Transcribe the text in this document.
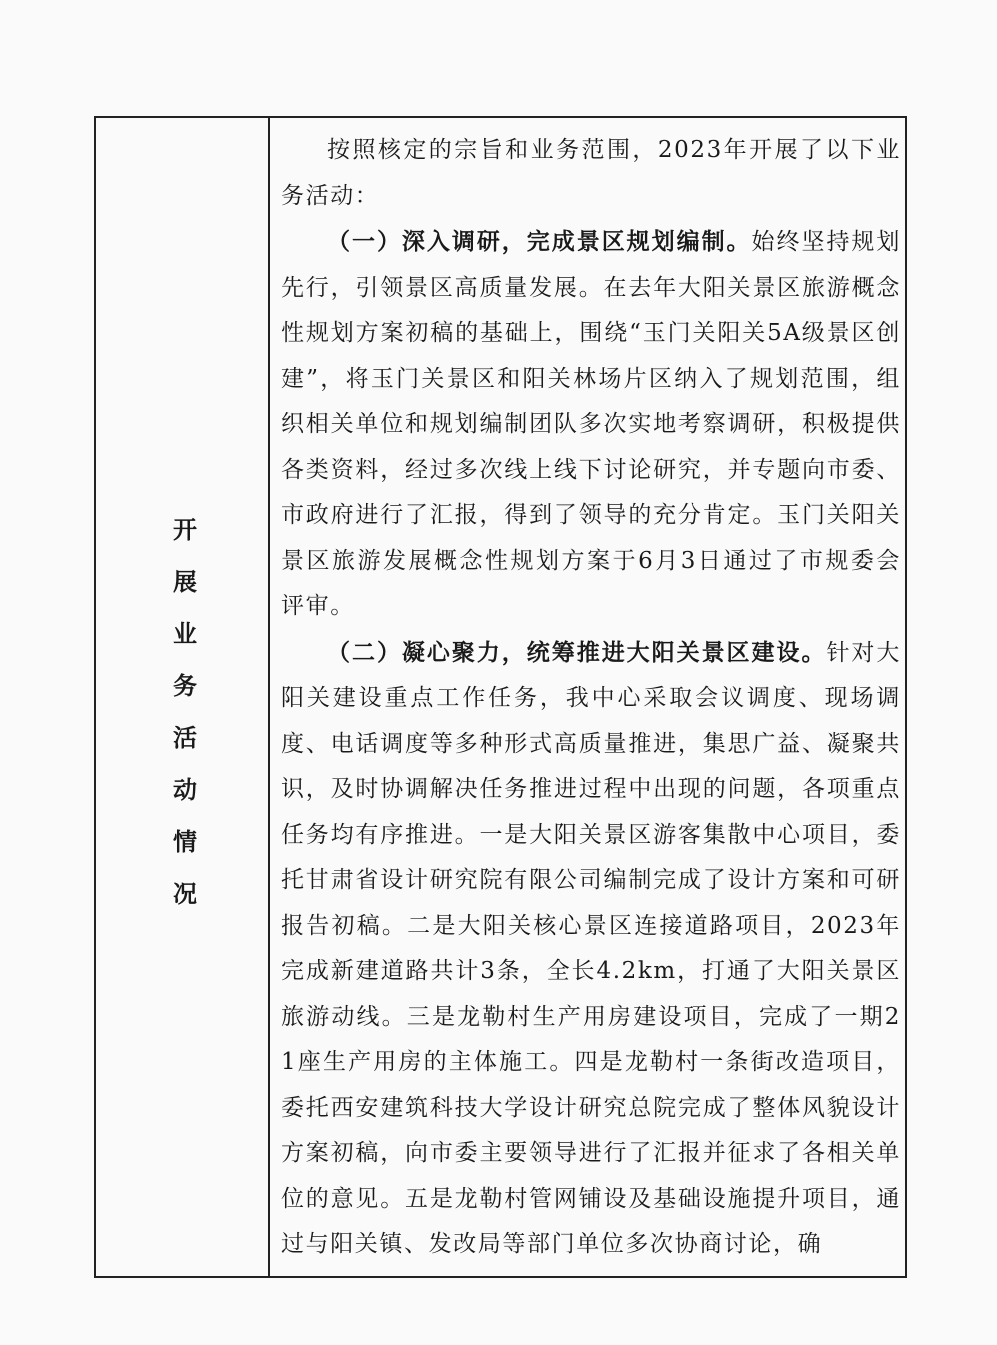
开
展
业
务
活
动
情
况

按照核定的宗旨和业务范围，2023年开展了以下业务活动：

（一）深入调研，完成景区规划编制。始终坚持规划先行，引领景区高质量发展。在去年大阳关景区旅游概念性规划方案初稿的基础上，围绕“玉门关阳关5A级景区创建”，将玉门关景区和阳关林场片区纳入了规划范围，组织相关单位和规划编制团队多次实地考察调研，积极提供各类资料，经过多次线上线下讨论研究，并专题向市委、市政府进行了汇报，得到了领导的充分肯定。玉门关阳关景区旅游发展概念性规划方案于6月3日通过了市规委会评审。

（二）凝心聚力，统筹推进大阳关景区建设。针对大阳关建设重点工作任务，我中心采取会议调度、现场调度、电话调度等多种形式高质量推进，集思广益、凝聚共识，及时协调解决任务推进过程中出现的问题，各项重点任务均有序推进。一是大阳关景区游客集散中心项目，委托甘肃省设计研究院有限公司编制完成了设计方案和可研报告初稿。二是大阳关核心景区连接道路项目，2023年完成新建道路共计3条，全长4.2km，打通了大阳关景区旅游动线。三是龙勒村生产用房建设项目，完成了一期21座生产用房的主体施工。四是龙勒村一条街改造项目，委托西安建筑科技大学设计研究总院完成了整体风貌设计方案初稿，向市委主要领导进行了汇报并征求了各相关单位的意见。五是龙勒村管网铺设及基础设施提升项目，通过与阳关镇、发改局等部门单位多次协商讨论，确
